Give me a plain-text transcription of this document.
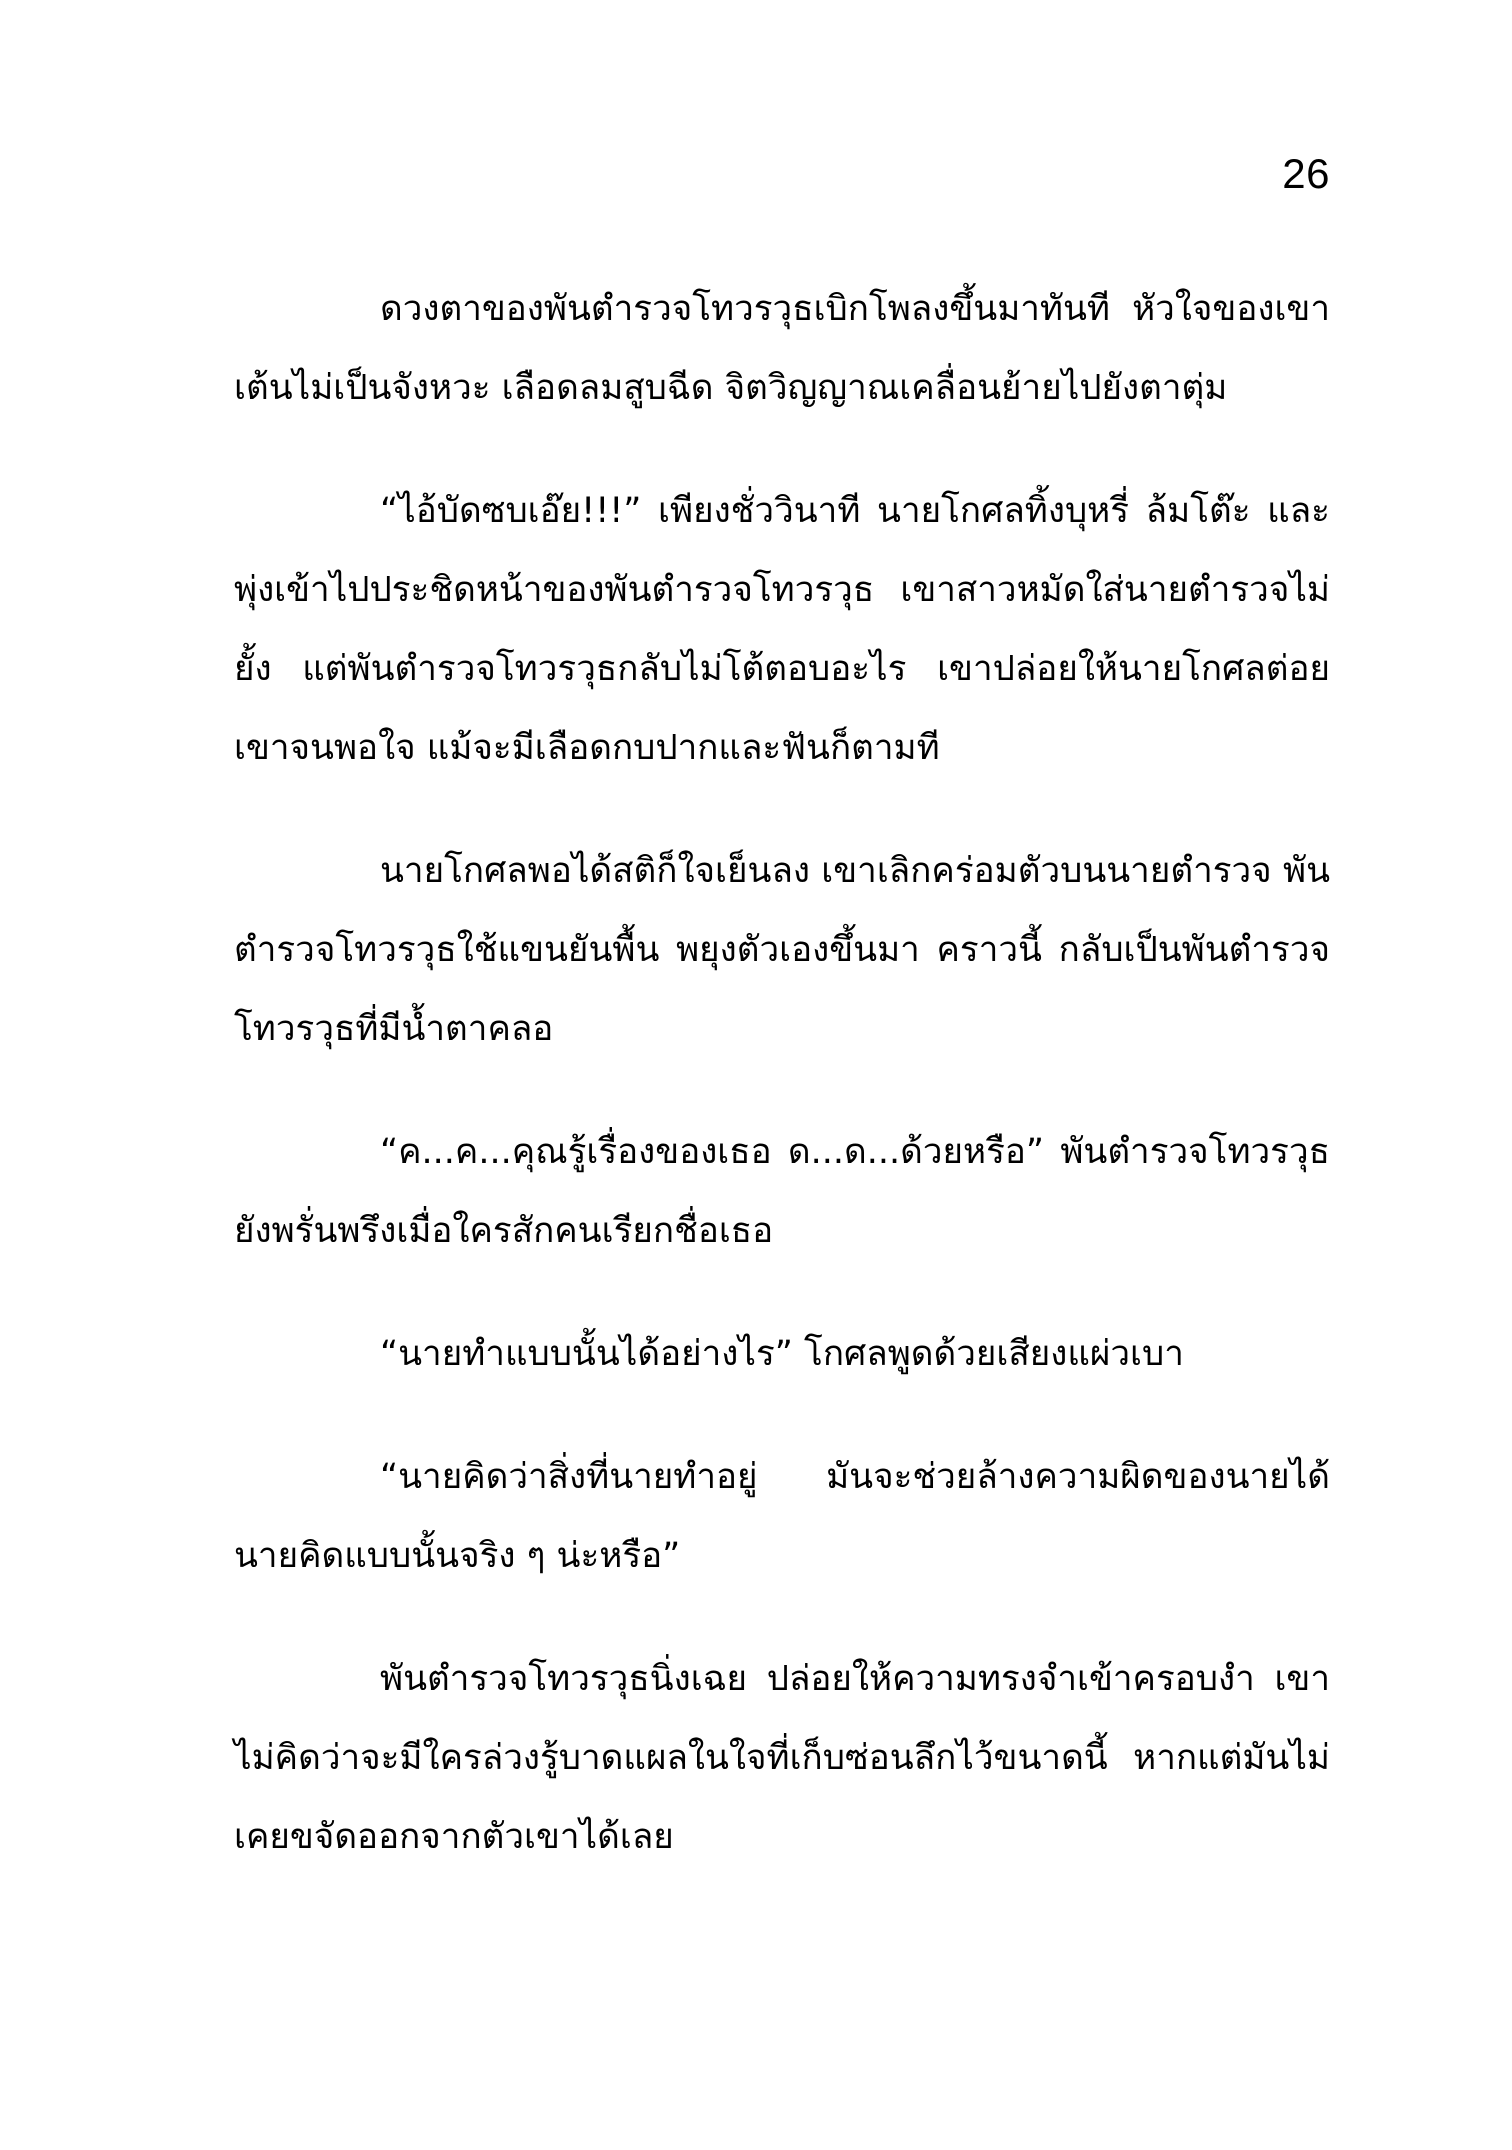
26

ดวงตาของพันตำรวจโทวรวุธเบิกโพลงขึ้นมาทันที หัวใจของเขาเต้นไม่เป็นจังหวะ เลือดลมสูบฉีด จิตวิญญาณเคลื่อนย้ายไปยังตาตุ่ม

“ไอ้บัดซบเอ๊ย!!!” เพียงชั่ววินาที นายโกศลทิ้งบุหรี่ ล้มโต๊ะ และพุ่งเข้าไปประชิดหน้าของพันตำรวจโทวรวุธ เขาสาวหมัดใส่นายตำรวจไม่ยั้ง แต่พันตำรวจโทวรวุธกลับไม่โต้ตอบอะไร เขาปล่อยให้นายโกศลต่อยเขาจนพอใจ แม้จะมีเลือดกบปากและฟันก็ตามที

นายโกศลพอได้สติก็ใจเย็นลง เขาเลิกคร่อมตัวบนนายตำรวจ พันตำรวจโทวรวุธใช้แขนยันพื้น พยุงตัวเองขึ้นมา คราวนี้ กลับเป็นพันตำรวจโทวรวุธที่มีน้ำตาคลอ

“ค...ค...คุณรู้เรื่องของเธอ ด...ด...ด้วยหรือ” พันตำรวจโทวรวุธยังพรั่นพรึงเมื่อใครสักคนเรียกชื่อเธอ

“นายทำแบบนั้นได้อย่างไร” โกศลพูดด้วยเสียงแผ่วเบา

“นายคิดว่าสิ่งที่นายทำอยู่ มันจะช่วยล้างความผิดของนายได้ นายคิดแบบนั้นจริง ๆ น่ะหรือ”

พันตำรวจโทวรวุธนิ่งเฉย ปล่อยให้ความทรงจำเข้าครอบงำ เขาไม่คิดว่าจะมีใครล่วงรู้บาดแผลในใจที่เก็บซ่อนลึกไว้ขนาดนี้ หากแต่มันไม่เคยขจัดออกจากตัวเขาได้เลย
